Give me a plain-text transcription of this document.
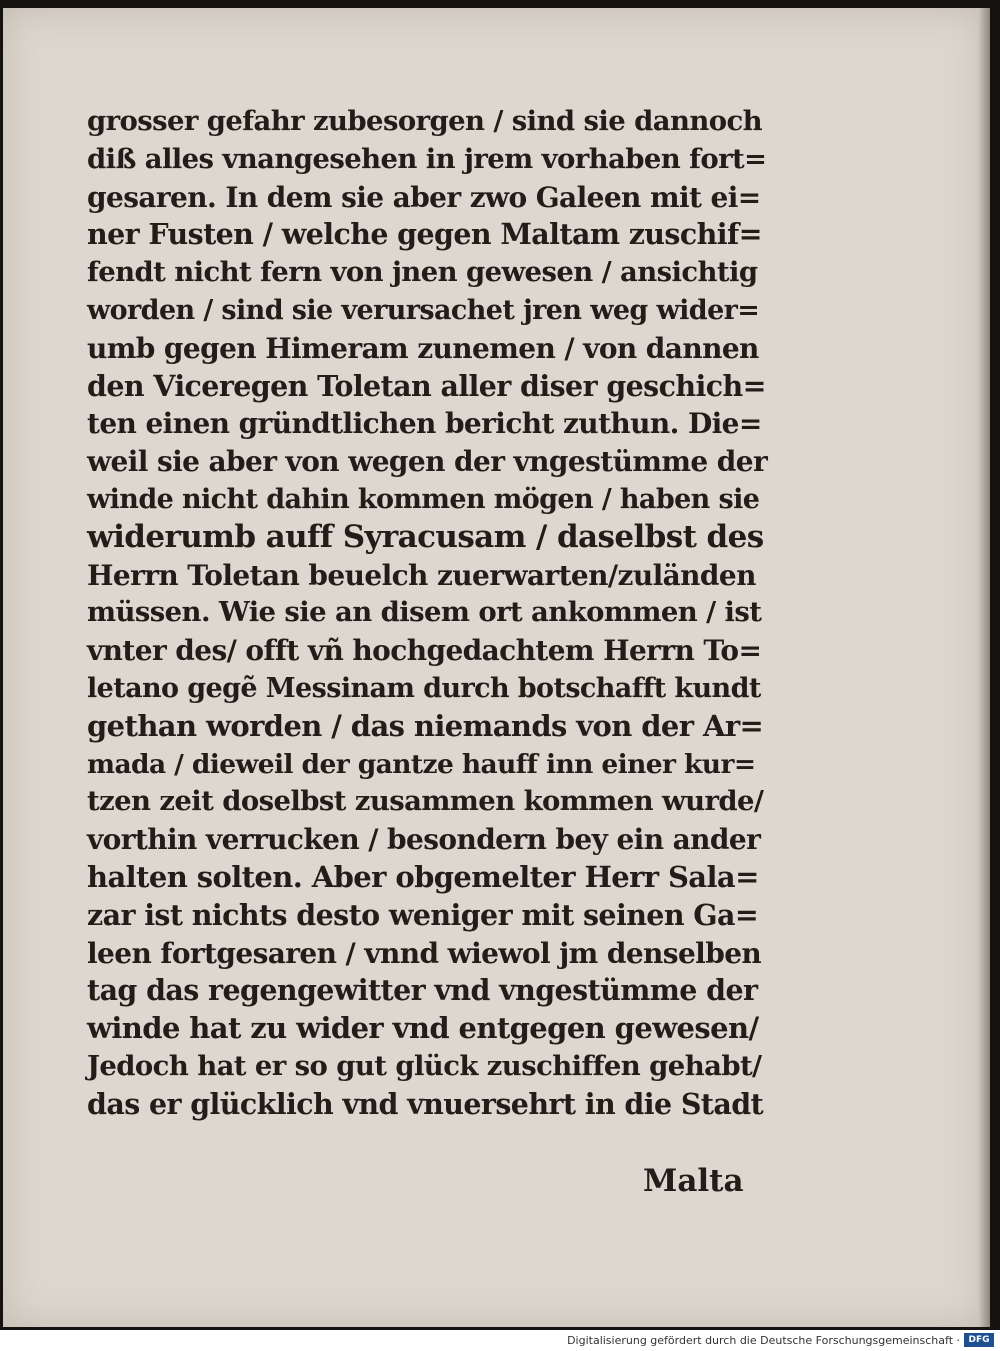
grosser gefahr zubesorgen / sind sie dannoch
diß alles vnangesehen in jrem vorhaben fort=
gesaren. In dem sie aber zwo Galeen mit ei=
ner Fusten / welche gegen Maltam zuschif=
fendt nicht fern von jnen gewesen / ansichtig
worden / sind sie verursachet jren weg wider=
umb gegen Himeram zunemen / von dannen
den Viceregen Toletan aller diser geschich=
ten einen gründtlichen bericht zuthun. Die=
weil sie aber von wegen der vngestümme der
winde nicht dahin kommen mögen / haben sie
widerumb auff Syracusam / daselbst des
Herrn Toletan beuelch zuerwarten/zuländen
müssen. Wie sie an disem ort ankommen / ist
vnter des/ offt vñ hochgedachtem Herrn To=
letano gegẽ Messinam durch botschafft kundt
gethan worden / das niemands von der Ar=
mada / dieweil der gantze hauff inn einer kur=
tzen zeit doselbst zusammen kommen wurde/
vorthin verrucken / besondern bey ein ander
halten solten. Aber obgemelter Herr Sala=
zar ist nichts desto weniger mit seinen Ga=
leen fortgesaren / vnnd wiewol jm denselben
tag das regengewitter vnd vngestümme der
winde hat zu wider vnd entgegen gewesen/
Jedoch hat er so gut glück zuschiffen gehabt/
das er glücklich vnd vnuersehrt in die Stadt
Malta
Digitalisierung gefördert durch die Deutsche Forschungsgemeinschaft · DFG
